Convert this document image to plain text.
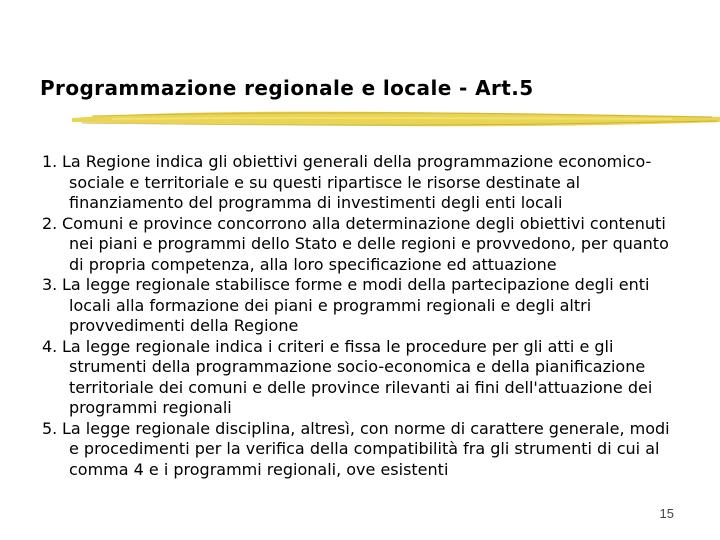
Programmazione regionale e locale - Art.5
1. La Regione indica gli obiettivi generali della programmazione economico-sociale e territoriale e su questi ripartisce le risorse destinate al finanziamento del programma di investimenti degli enti locali
2. Comuni e province concorrono alla determinazione degli obiettivi contenuti nei piani e programmi dello Stato e delle regioni e provvedono, per quanto di propria competenza, alla loro specificazione ed attuazione
3. La legge regionale stabilisce forme e modi della partecipazione degli enti locali alla formazione dei piani e programmi regionali e degli altri provvedimenti della Regione
4. La legge regionale indica i criteri e fissa le procedure per gli atti e gli strumenti della programmazione socio-economica e della pianificazione territoriale dei comuni e delle province rilevanti ai fini dell'attuazione dei programmi regionali
5. La legge regionale disciplina, altresì, con norme di carattere generale, modi e procedimenti per la verifica della compatibilità fra gli strumenti di cui al comma 4 e i programmi regionali, ove esistenti
15
